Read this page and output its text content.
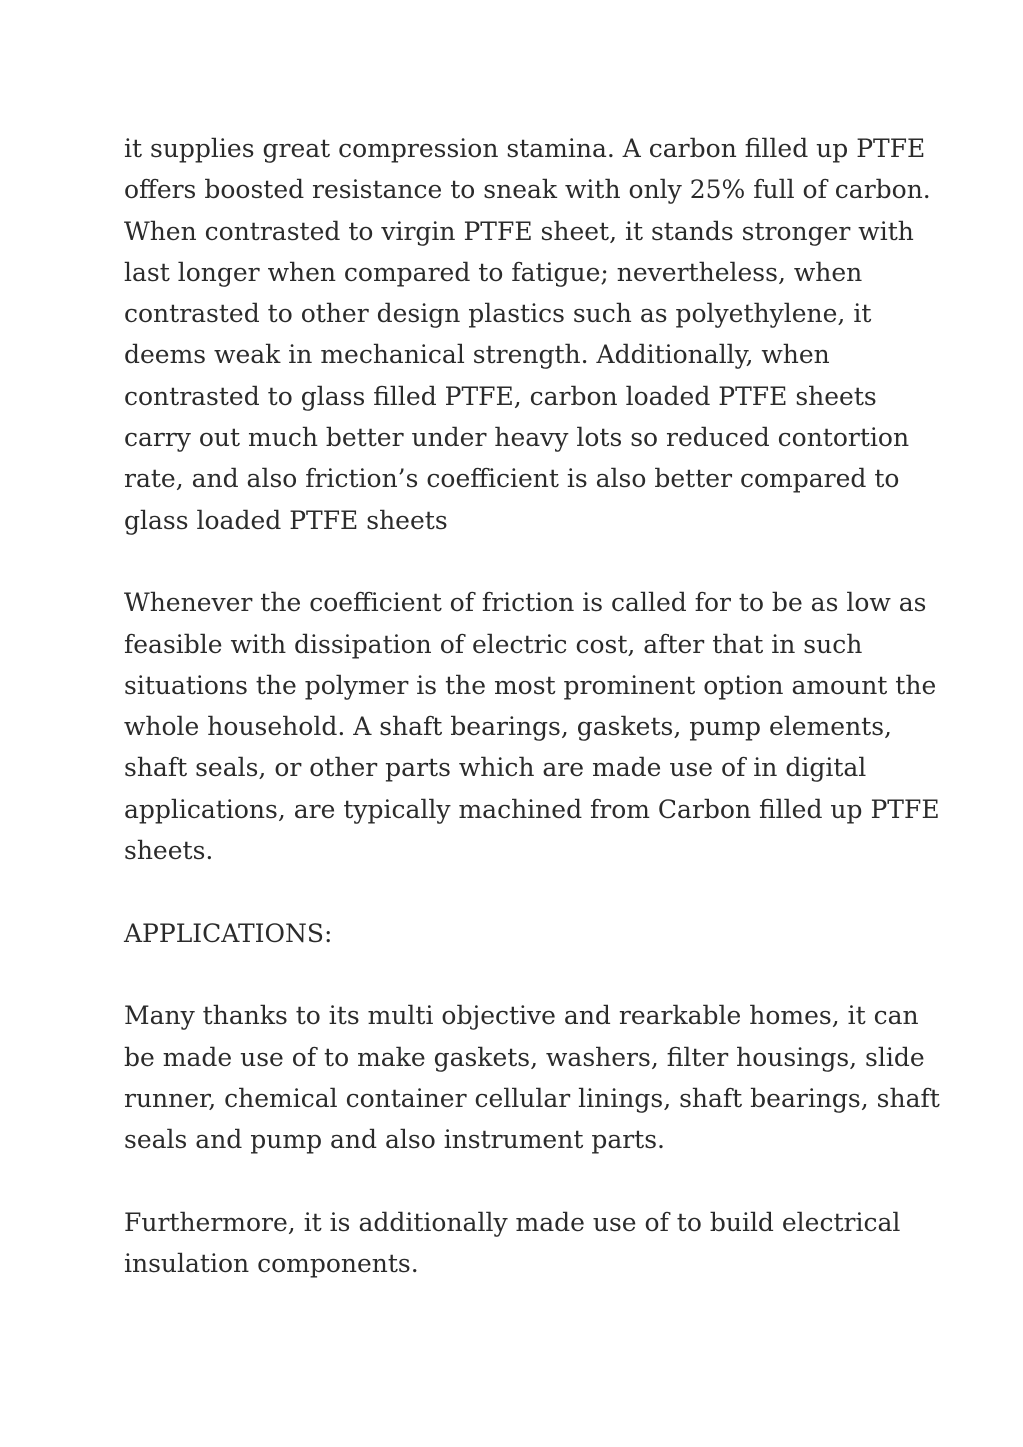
it supplies great compression stamina. A carbon filled up PTFE
offers boosted resistance to sneak with only 25% full of carbon.
When contrasted to virgin PTFE sheet, it stands stronger with
last longer when compared to fatigue; nevertheless, when
contrasted to other design plastics such as polyethylene, it
deems weak in mechanical strength. Additionally, when
contrasted to glass filled PTFE, carbon loaded PTFE sheets
carry out much better under heavy lots so reduced contortion
rate, and also friction’s coefficient is also better compared to
glass loaded PTFE sheets

Whenever the coefficient of friction is called for to be as low as
feasible with dissipation of electric cost, after that in such
situations the polymer is the most prominent option amount the
whole household. A shaft bearings, gaskets, pump elements,
shaft seals, or other parts which are made use of in digital
applications, are typically machined from Carbon filled up PTFE
sheets.

APPLICATIONS:

Many thanks to its multi objective and rearkable homes, it can
be made use of to make gaskets, washers, filter housings, slide
runner, chemical container cellular linings, shaft bearings, shaft
seals and pump and also instrument parts.

Furthermore, it is additionally made use of to build electrical
insulation components.
